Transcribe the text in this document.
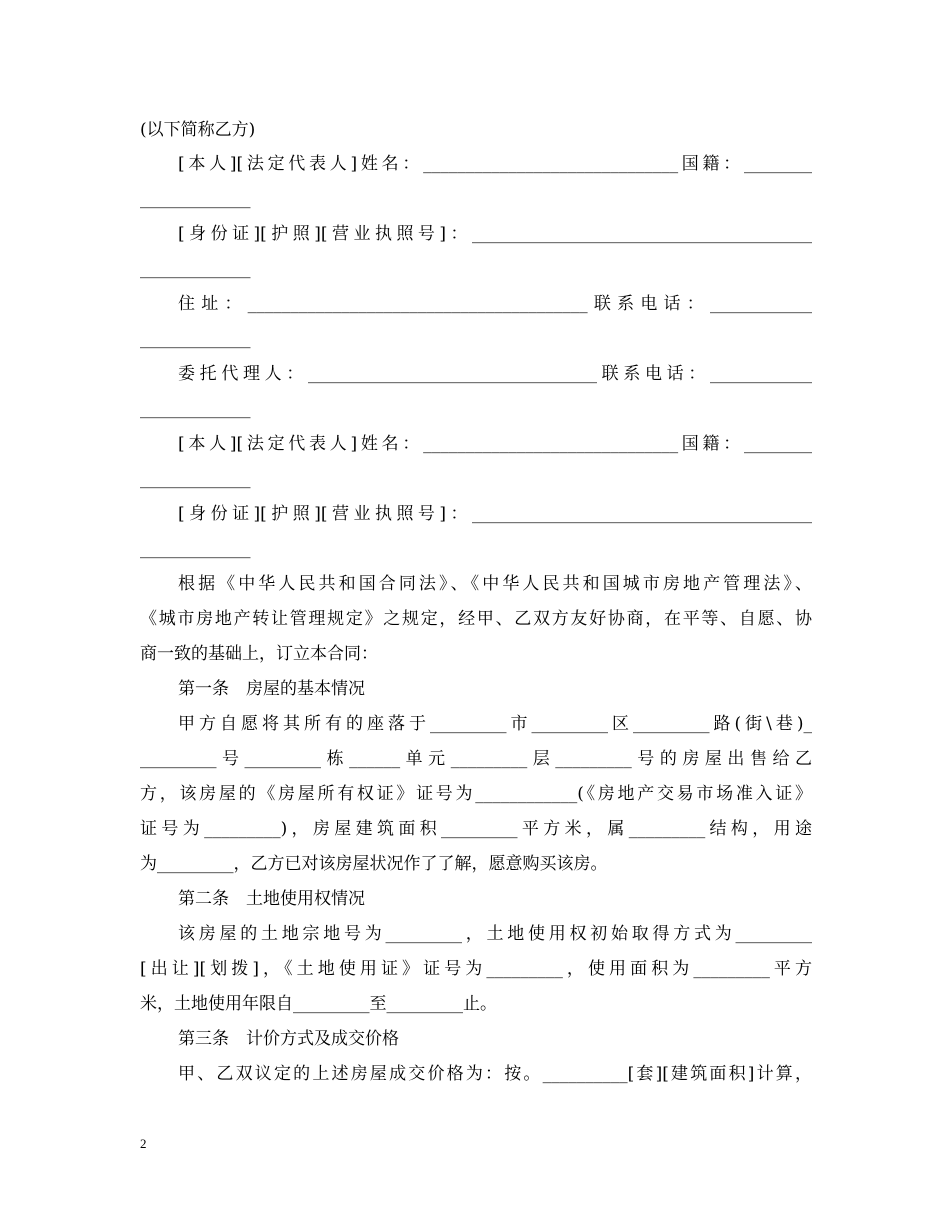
(以下简称乙方)
[本人][法定代表人]姓名：______________________________国籍：________
_____________
[身份证][护照][营业执照号]：________________________________________
_____________
住址：________________________________________联系电话：____________
_____________
委托代理人：__________________________________联系电话：____________
_____________
[本人][法定代表人]姓名：______________________________国籍：________
_____________
[身份证][护照][营业执照号]：________________________________________
_____________
根据《中华人民共和国合同法》、《中华人民共和国城市房地产管理法》、
《城市房地产转让管理规定》之规定，经甲、乙双方友好协商，在平等、自愿、协
商一致的基础上，订立本合同：
第一条　房屋的基本情况
甲方自愿将其所有的座落于_________市_________区_________路(街\巷)_
_________号_________栋______单元_________层_________号的房屋出售给乙
方，该房屋的《房屋所有权证》证号为____________(《房地产交易市场准入证》
证号为_________)，房屋建筑面积_________平方米，属_________结构，用途
为_________，乙方已对该房屋状况作了了解，愿意购买该房。
第二条　土地使用权情况
该房屋的土地宗地号为_________，土地使用权初始取得方式为_________
[出让][划拨]，《土地使用证》证号为_________，使用面积为_________平方
米，土地使用年限自_________至_________止。
第三条　计价方式及成交价格
甲、乙双议定的上述房屋成交价格为：按。__________[套][建筑面积]计算，
2
